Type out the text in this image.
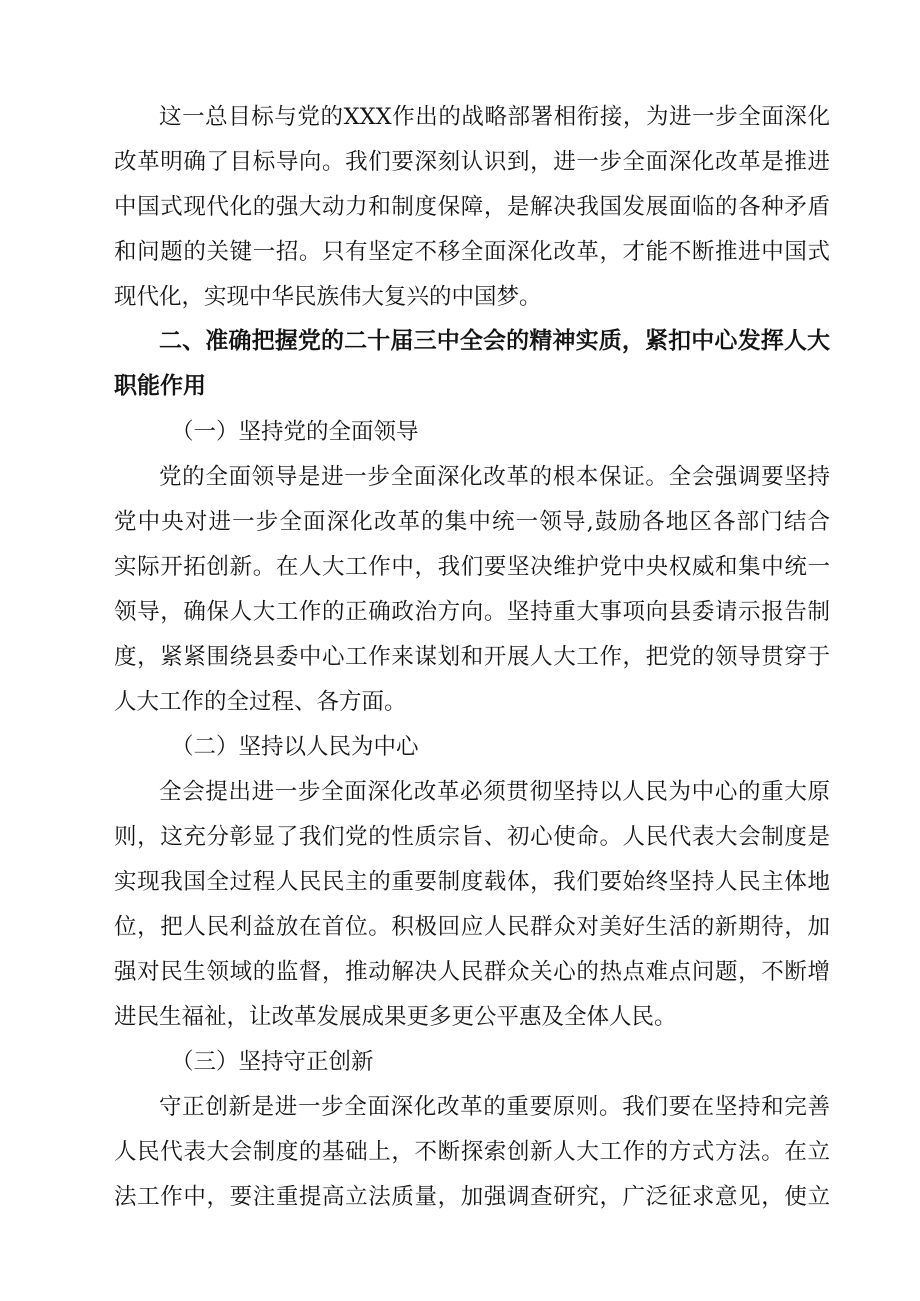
这一总目标与党的XXX作出的战略部署相衔接，为进一步全面深化
改革明确了目标导向。我们要深刻认识到，进一步全面深化改革是推进
中国式现代化的强大动力和制度保障，是解决我国发展面临的各种矛盾
和问题的关键一招。只有坚定不移全面深化改革，才能不断推进中国式
现代化，实现中华民族伟大复兴的中国梦。
二、准确把握党的二十届三中全会的精神实质，紧扣中心发挥人大
职能作用
（一）坚持党的全面领导
党的全面领导是进一步全面深化改革的根本保证。全会强调要坚持
党中央对进一步全面深化改革的集中统一领导,鼓励各地区各部门结合
实际开拓创新。在人大工作中，我们要坚决维护党中央权威和集中统一
领导，确保人大工作的正确政治方向。坚持重大事项向县委请示报告制
度，紧紧围绕县委中心工作来谋划和开展人大工作，把党的领导贯穿于
人大工作的全过程、各方面。
（二）坚持以人民为中心
全会提出进一步全面深化改革必须贯彻坚持以人民为中心的重大原
则，这充分彰显了我们党的性质宗旨、初心使命。人民代表大会制度是
实现我国全过程人民民主的重要制度载体，我们要始终坚持人民主体地
位，把人民利益放在首位。积极回应人民群众对美好生活的新期待，加
强对民生领域的监督，推动解决人民群众关心的热点难点问题，不断增
进民生福祉，让改革发展成果更多更公平惠及全体人民。
（三）坚持守正创新
守正创新是进一步全面深化改革的重要原则。我们要在坚持和完善
人民代表大会制度的基础上，不断探索创新人大工作的方式方法。在立
法工作中，要注重提高立法质量，加强调查研究，广泛征求意见，使立
